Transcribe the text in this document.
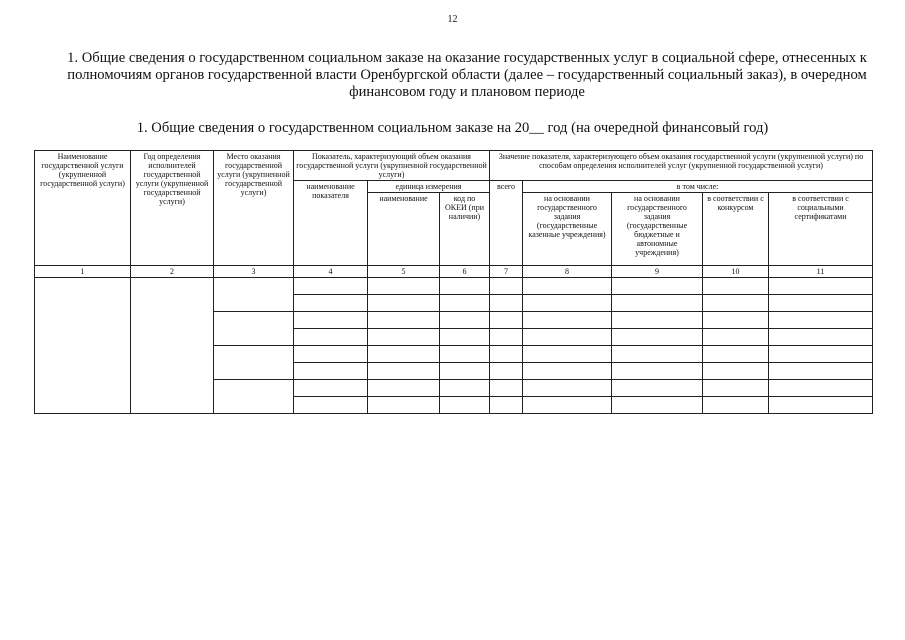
12
1. Общие сведения о государственном социальном заказе на оказание государственных услуг в социальной сфере, отнесенных к полномочиям органов государственной власти Оренбургской области (далее – государственный социальный заказ), в очередном финансовом году и плановом периоде
1. Общие сведения о государственном социальном заказе на 20__ год (на очередной финансовый год)
Наименование государственной услуги (укрупненной государственной услуги)	Год определения исполнителей государственной услуги (укрупненной государственной услуги)	Место оказания государственной услуги (укрупненной государственной услуги)	Показатель, характеризующий объем оказания государственной услуги (укрупненной государственной услуги)			Значение показателя, характеризующего объем оказания государственной услуги (укрупненной услуги) по способам определения исполнителей услуг (укрупненной государственной услуги)				
			наименование показателя	единица измерения		всего	в том числе:			
				наименование	код по ОКЕИ (при наличии)		на основании государственного задания (государственные казенные учреждения)	на основании государственного задания (государственные бюджетные и автономные учреждения)	в соответствии с конкурсом	в соответствии с социальными сертификатами

1	2	3	4	5	6	7	8	9	10	11
